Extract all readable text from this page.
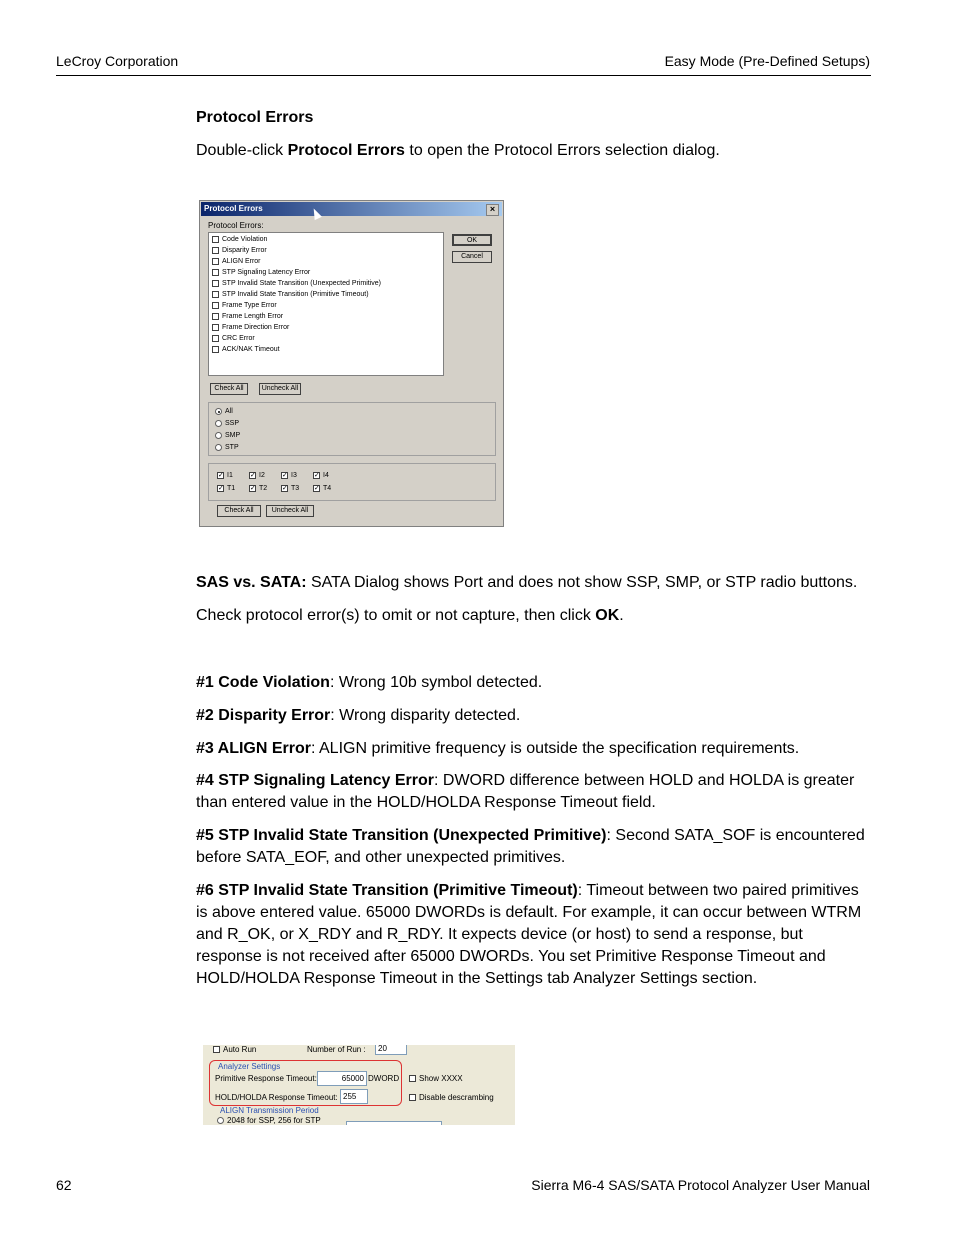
LeCroy Corporation	Easy Mode (Pre-Defined Setups)
Protocol Errors
Double-click Protocol Errors to open the Protocol Errors selection dialog.
Protocol Errors	×
Protocol Errors:
Code Violation
Disparity Error
ALIGN Error
STP Signaling Latency Error
STP Invalid State Transition (Unexpected Primitive)
STP Invalid State Transition (Primitive Timeout)
Frame Type Error
Frame Length Error
Frame Direction Error
CRC Error
ACK/NAK Timeout
OK
Cancel
Check All	Uncheck All
All
SSP
SMP
STP
✓ I1 ✓ I2 ✓ I3 ✓ I4
✓ T1 ✓ T2 ✓ T3 ✓ T4
Check All	Uncheck All
SAS vs. SATA: SATA Dialog shows Port and does not show SSP, SMP, or STP radio buttons.
Check protocol error(s) to omit or not capture, then click OK.
#1 Code Violation: Wrong 10b symbol detected.
#2 Disparity Error: Wrong disparity detected.
#3 ALIGN Error: ALIGN primitive frequency is outside the specification requirements.
#4 STP Signaling Latency Error: DWORD difference between HOLD and HOLDA is greater than entered value in the HOLD/HOLDA Response Timeout field.
#5 STP Invalid State Transition (Unexpected Primitive): Second SATA_SOF is encountered before SATA_EOF, and other unexpected primitives.
#6 STP Invalid State Transition (Primitive Timeout): Timeout between two paired primitives is above entered value. 65000 DWORDs is default. For example, it can occur between WTRM and R_OK, or X_RDY and R_RDY. It expects device (or host) to send a response, but response is not received after 65000 DWORDs. You set Primitive Response Timeout and HOLD/HOLDA Response Timeout in the Settings tab Analyzer Settings section.
Auto Run	Number of Run :	20
Analyzer Settings
Primitive Response Timeout:	65000 DWORD Show XXXX
HOLD/HOLDA Response Timeout: 255	Disable descrambing
ALIGN Transmission Period
2048 for SSP, 256 for STP
62	Sierra M6-4 SAS/SATA Protocol Analyzer User Manual
